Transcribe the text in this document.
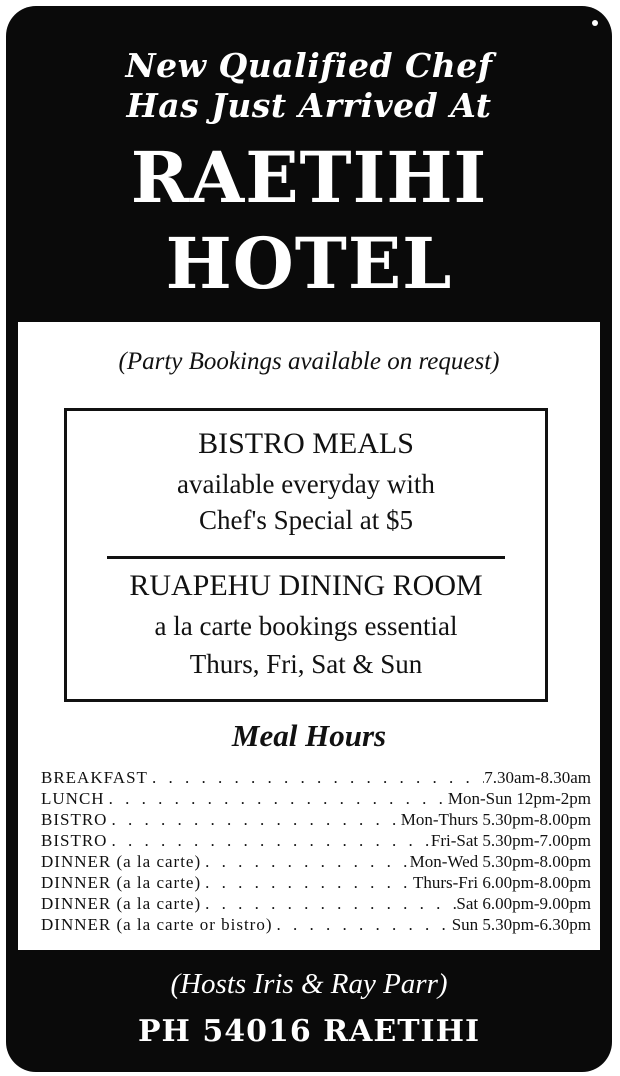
New Qualified Chef
Has Just Arrived At
RAETIHI
HOTEL
(Party Bookings available on request)
BISTRO MEALS
available everyday with
Chef's Special at $5
RUAPEHU DINING ROOM
a la carte bookings essential
Thurs, Fri, Sat & Sun
Meal Hours
BREAKFAST . . .	7.30am-8.30am
LUNCH . . .	Mon-Sun 12pm-2pm
BISTRO . . .	Mon-Thurs 5.30pm-8.00pm
BISTRO . . .	Fri-Sat 5.30pm-7.00pm
DINNER (a la carte) . . .	Mon-Wed 5.30pm-8.00pm
DINNER (a la carte) . . .	Thurs-Fri 6.00pm-8.00pm
DINNER (a la carte) . . .	Sat 6.00pm-9.00pm
DINNER (a la carte or bistro) . . .	Sun 5.30pm-6.30pm
(Hosts Iris & Ray Parr)
PH 54016 RAETIHI
